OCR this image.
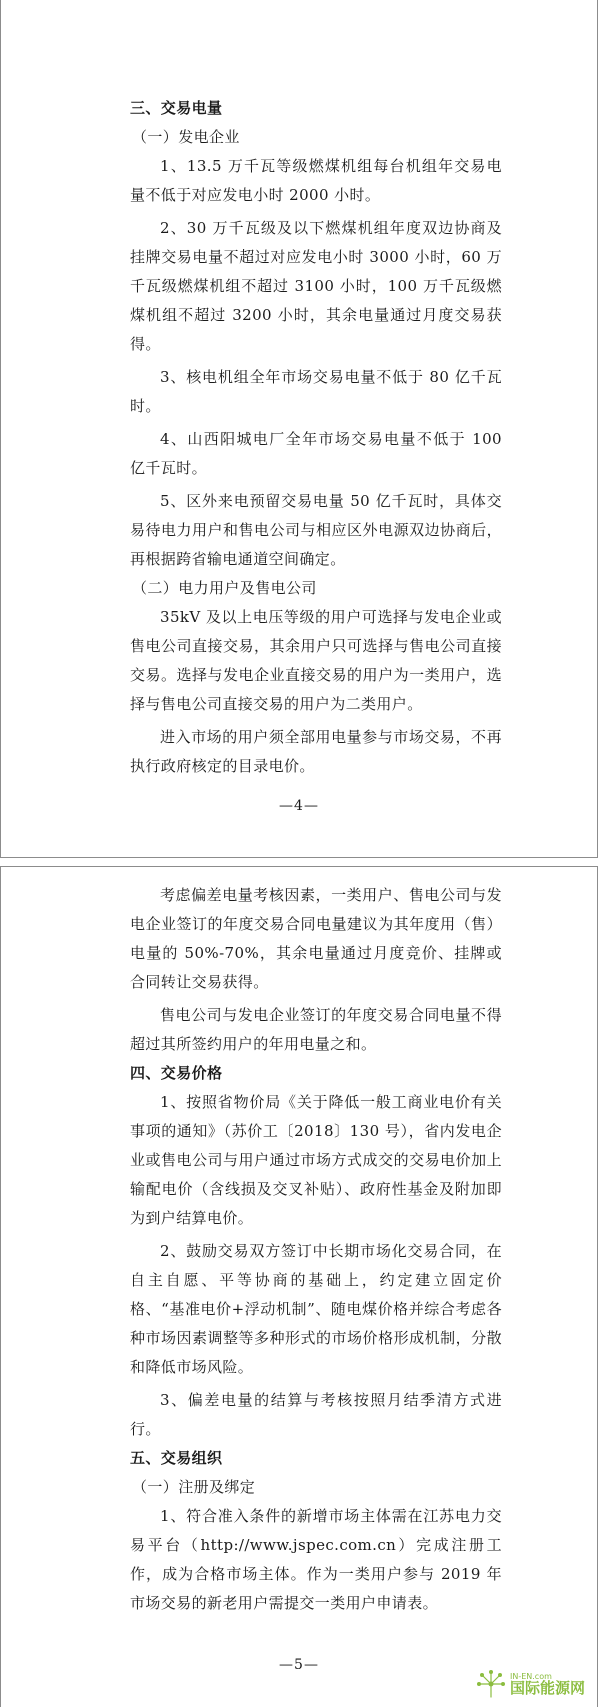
三、交易电量
（一）发电企业

1、13.5 万千瓦等级燃煤机组每台机组年交易电量不低于对应发电小时 2000 小时。

2、30 万千瓦级及以下燃煤机组年度双边协商及挂牌交易电量不超过对应发电小时 3000 小时，60 万千瓦级燃煤机组不超过 3100 小时，100 万千瓦级燃煤机组不超过 3200 小时，其余电量通过月度交易获得。

3、核电机组全年市场交易电量不低于 80 亿千瓦时。

4、山西阳城电厂全年市场交易电量不低于 100 亿千瓦时。

5、区外来电预留交易电量 50 亿千瓦时，具体交易待电力用户和售电公司与相应区外电源双边协商后，再根据跨省输电通道空间确定。

（二）电力用户及售电公司

35kV 及以上电压等级的用户可选择与发电企业或售电公司直接交易，其余用户只可选择与售电公司直接交易。选择与发电企业直接交易的用户为一类用户，选择与售电公司直接交易的用户为二类用户。

进入市场的用户须全部用电量参与市场交易，不再执行政府核定的目录电价。

—4—

考虑偏差电量考核因素，一类用户、售电公司与发电企业签订的年度交易合同电量建议为其年度用（售）电量的 50%-70%，其余电量通过月度竞价、挂牌或合同转让交易获得。

售电公司与发电企业签订的年度交易合同电量不得超过其所签约用户的年用电量之和。

四、交易价格

1、按照省物价局《关于降低一般工商业电价有关事项的通知》（苏价工〔2018〕130 号），省内发电企业或售电公司与用户通过市场方式成交的交易电价加上输配电价（含线损及交叉补贴）、政府性基金及附加即为到户结算电价。

2、鼓励交易双方签订中长期市场化交易合同，在自主自愿、平等协商的基础上，约定建立固定价格、“基准电价+浮动机制”、随电煤价格并综合考虑各种市场因素调整等多种形式的市场价格形成机制，分散和降低市场风险。

3、偏差电量的结算与考核按照月结季清方式进行。

五、交易组织
（一）注册及绑定

1、符合准入条件的新增市场主体需在江苏电力交易平台（http://www.jspec.com.cn）完成注册工作，成为合格市场主体。作为一类用户参与 2019 年市场交易的新老用户需提交一类用户申请表。

—5—
IN-EN.com
国际能源网
